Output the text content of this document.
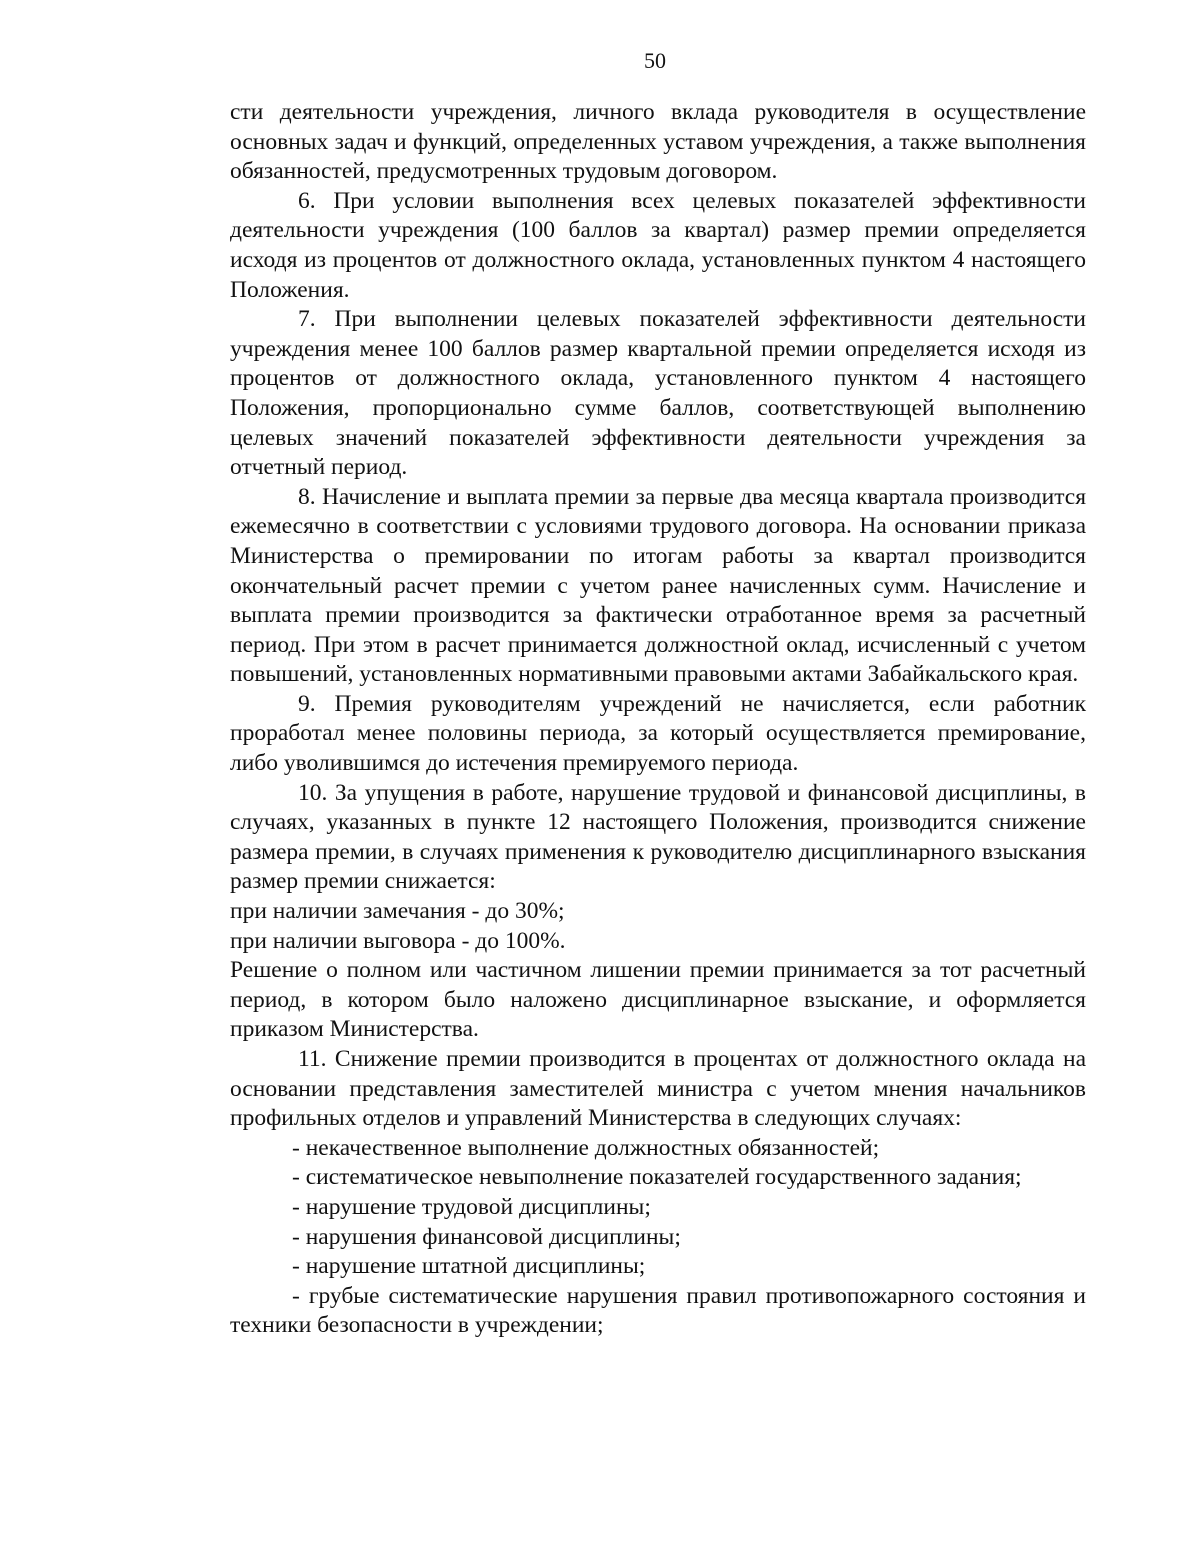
50

сти деятельности учреждения, личного вклада руководителя в осуществление основных задач и функций, определенных уставом учреждения, а также выполнения обязанностей, предусмотренных трудовым договором.

6. При условии выполнения всех целевых показателей эффективности деятельности учреждения (100 баллов за квартал) размер премии определяется исходя из процентов от должностного оклада, установленных пунктом 4 настоящего Положения.

7. При выполнении целевых показателей эффективности деятельности учреждения менее 100 баллов размер квартальной премии определяется исходя из процентов от должностного оклада, установленного пунктом 4 настоящего Положения, пропорционально сумме баллов, соответствующей выполнению целевых значений показателей эффективности деятельности учреждения за отчетный период.

8. Начисление и выплата премии за первые два месяца квартала производится ежемесячно в соответствии с условиями трудового договора. На основании приказа Министерства о премировании по итогам работы за квартал производится окончательный расчет премии с учетом ранее начисленных сумм. Начисление и выплата премии производится за фактически отработанное время за расчетный период. При этом в расчет принимается должностной оклад, исчисленный с учетом повышений, установленных нормативными правовыми актами Забайкальского края.

9. Премия руководителям учреждений не начисляется, если работник проработал менее половины периода, за который осуществляется премирование, либо уволившимся до истечения премируемого периода.

10. За упущения в работе, нарушение трудовой и финансовой дисциплины, в случаях, указанных в пункте 12 настоящего Положения, производится снижение размера премии, в случаях применения к руководителю дисциплинарного взыскания размер премии снижается:

при наличии замечания - до 30%;

при наличии выговора - до 100%.

Решение о полном или частичном лишении премии принимается за тот расчетный период, в котором было наложено дисциплинарное взыскание, и оформляется приказом Министерства.

11. Снижение премии производится в процентах от должностного оклада на основании представления заместителей министра с учетом мнения начальников профильных отделов и управлений Министерства в следующих случаях:

- некачественное выполнение должностных обязанностей;

- систематическое невыполнение показателей государственного задания;

- нарушение трудовой дисциплины;

- нарушения финансовой дисциплины;

- нарушение штатной дисциплины;

- грубые систематические нарушения правил противопожарного состояния и техники безопасности в учреждении;
